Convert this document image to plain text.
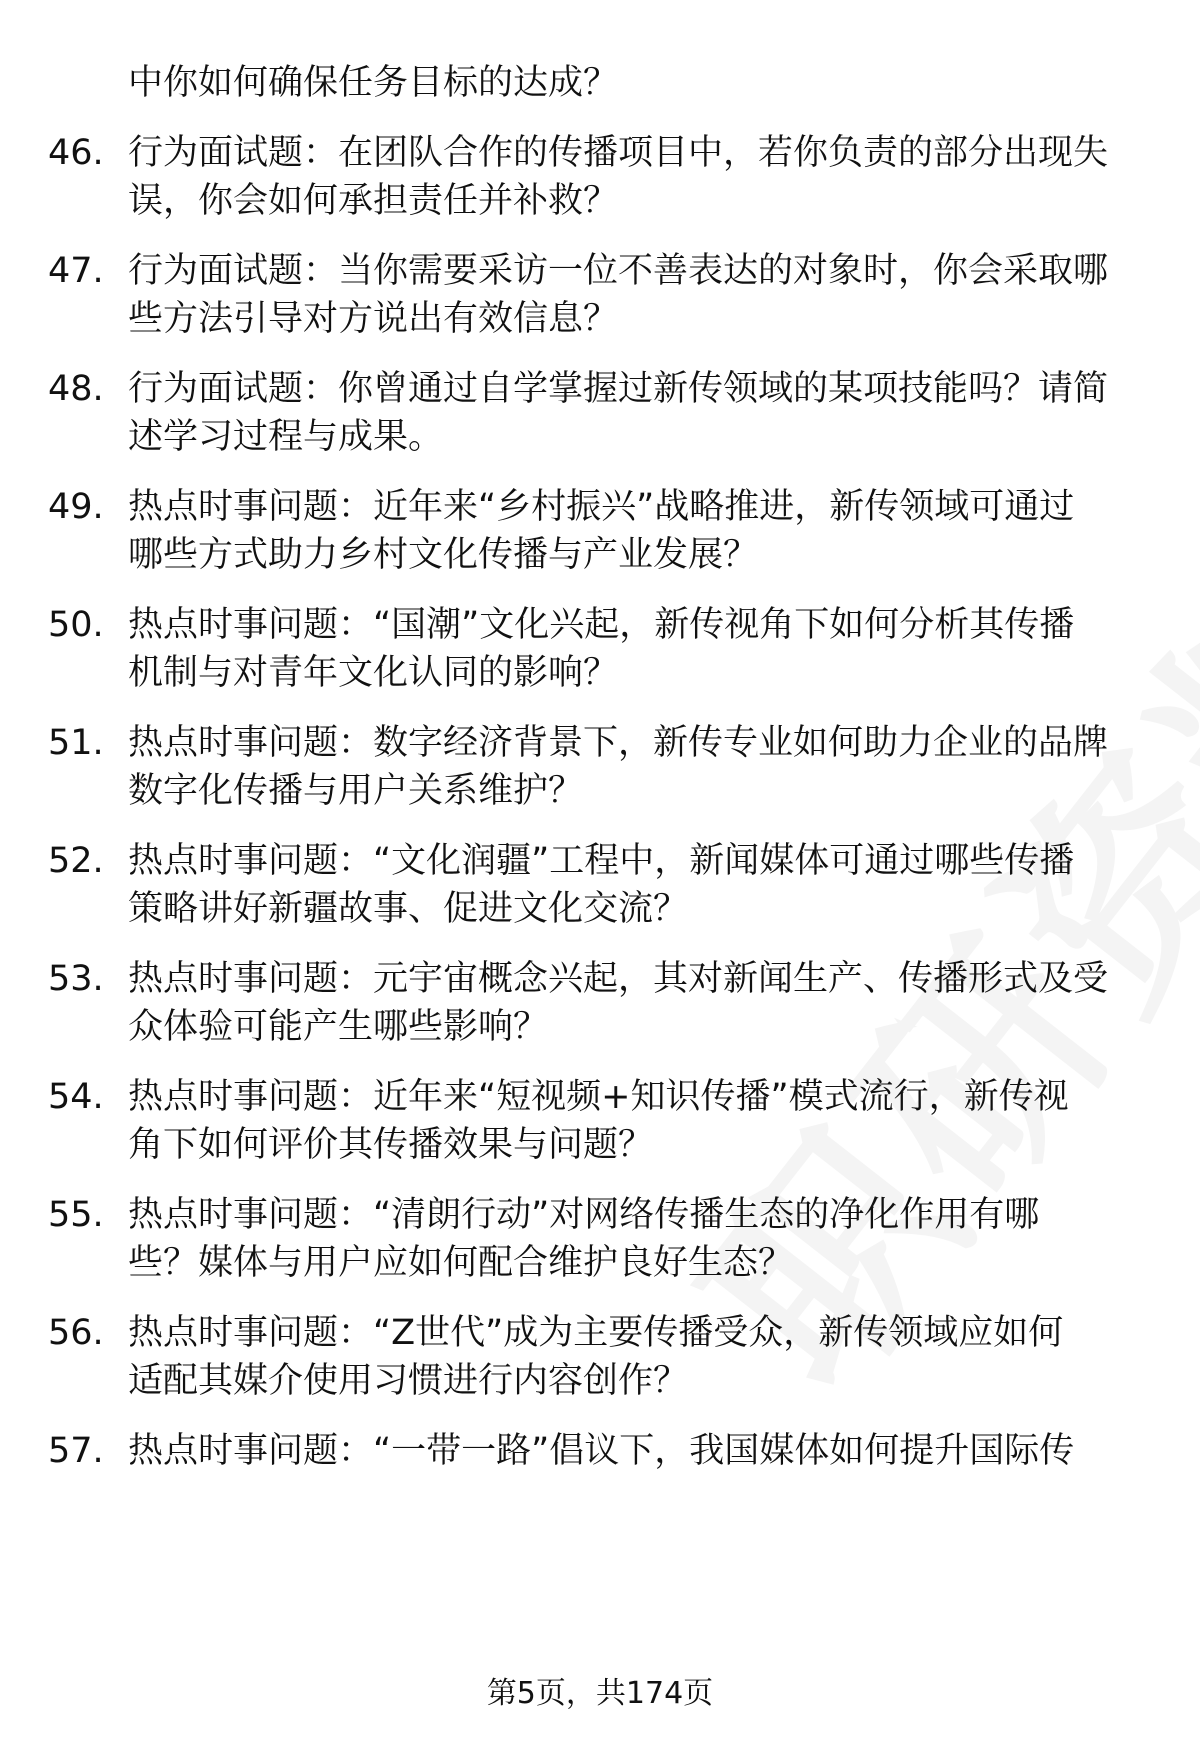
中你如何确保任务目标的达成？
46. 行为面试题：在团队合作的传播项目中，若你负责的部分出现失
误，你会如何承担责任并补救？
47. 行为面试题：当你需要采访一位不善表达的对象时，你会采取哪
些方法引导对方说出有效信息？
48. 行为面试题：你曾通过自学掌握过新传领域的某项技能吗？请简
述学习过程与成果。
49. 热点时事问题：近年来“乡村振兴”战略推进，新传领域可通过
哪些方式助力乡村文化传播与产业发展？
50. 热点时事问题：“国潮”文化兴起，新传视角下如何分析其传播
机制与对青年文化认同的影响？
51. 热点时事问题：数字经济背景下，新传专业如何助力企业的品牌
数字化传播与用户关系维护？
52. 热点时事问题：“文化润疆”工程中，新闻媒体可通过哪些传播
策略讲好新疆故事、促进文化交流？
53. 热点时事问题：元宇宙概念兴起，其对新闻生产、传播形式及受
众体验可能产生哪些影响？
54. 热点时事问题：近年来“短视频+知识传播”模式流行，新传视
角下如何评价其传播效果与问题？
55. 热点时事问题：“清朗行动”对网络传播生态的净化作用有哪
些？媒体与用户应如何配合维护良好生态？
56. 热点时事问题：“Z世代”成为主要传播受众，新传领域应如何
适配其媒介使用习惯进行内容创作？
57. 热点时事问题：“一带一路”倡议下，我国媒体如何提升国际传
第5页，共174页
